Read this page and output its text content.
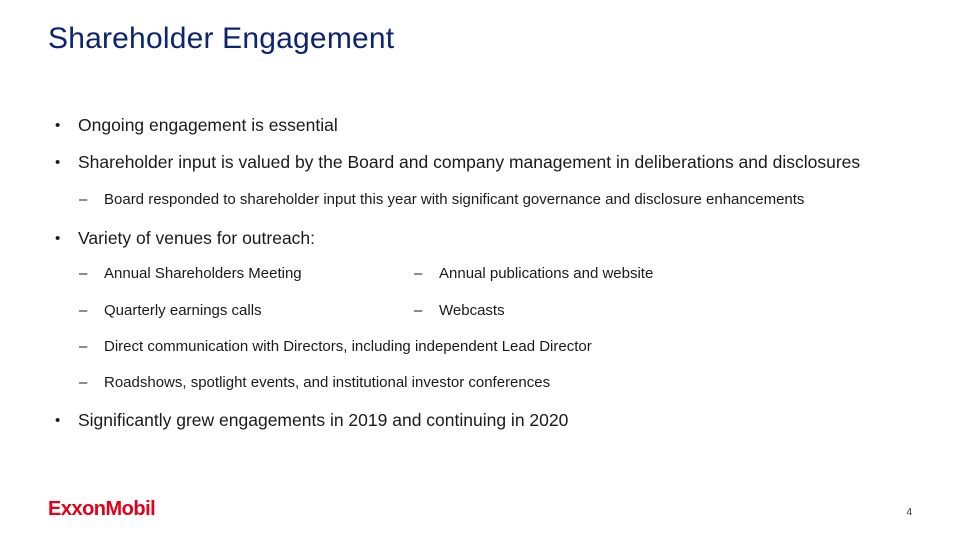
Shareholder Engagement
• Ongoing engagement is essential
• Shareholder input is valued by the Board and company management in deliberations and disclosures
– Board responded to shareholder input this year with significant governance and disclosure enhancements
• Variety of venues for outreach:
– Annual Shareholders Meeting	– Annual publications and website
– Quarterly earnings calls	– Webcasts
– Direct communication with Directors, including independent Lead Director
– Roadshows, spotlight events, and institutional investor conferences
• Significantly grew engagements in 2019 and continuing in 2020
ExxonMobil	4
